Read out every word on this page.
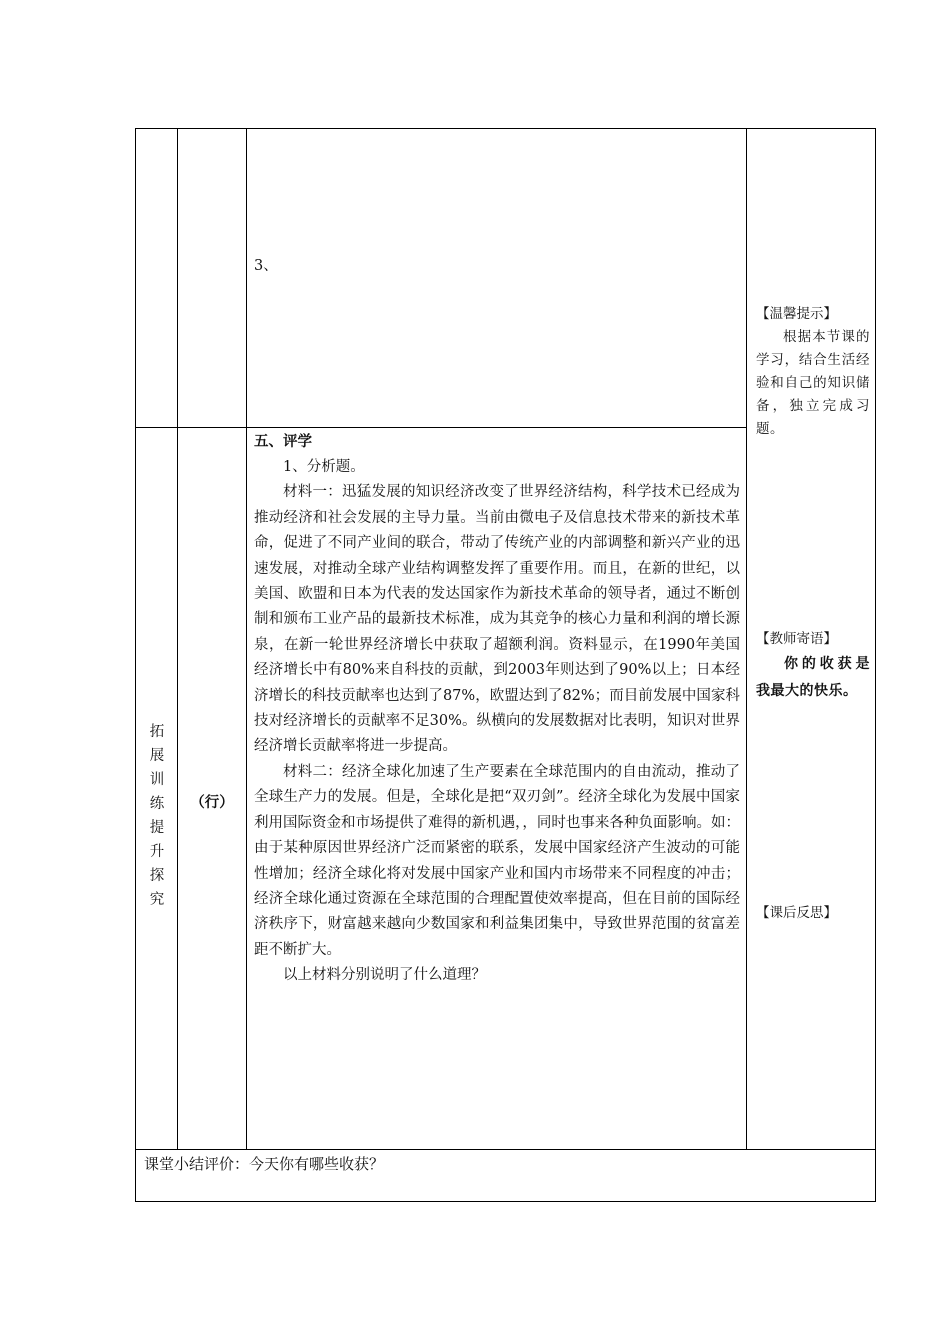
3、
拓
展
训
练
提
升
探
究
（行）
五、评学

1、分析题。

材料一：迅猛发展的知识经济改变了世界经济结构，科学技术已经成为推动经济和社会发展的主导力量。当前由微电子及信息技术带来的新技术革命，促进了不同产业间的联合，带动了传统产业的内部调整和新兴产业的迅速发展，对推动全球产业结构调整发挥了重要作用。而且，在新的世纪，以美国、欧盟和日本为代表的发达国家作为新技术革命的领导者，通过不断创制和颁布工业产品的最新技术标准，成为其竞争的核心力量和利润的增长源泉，在新一轮世界经济增长中获取了超额利润。资料显示，在1990年美国经济增长中有80%来自科技的贡献，到2003年则达到了90%以上；日本经济增长的科技贡献率也达到了87%，欧盟达到了82%；而目前发展中国家科技对经济增长的贡献率不足30%。纵横向的发展数据对比表明，知识对世界经济增长贡献率将进一步提高。

材料二：经济全球化加速了生产要素在全球范围内的自由流动，推动了全球生产力的发展。但是，全球化是把“双刃剑”。经济全球化为发展中国家利用国际资金和市场提供了难得的新机遇，，同时也事来各种负面影响。如：由于某种原因世界经济广泛而紧密的联系，发展中国家经济产生波动的可能性增加；经济全球化将对发展中国家产业和国内市场带来不同程度的冲击；经济全球化通过资源在全球范围的合理配置使效率提高，但在目前的国际经济秩序下，财富越来越向少数国家和利益集团集中，导致世界范围的贫富差距不断扩大。

以上材料分别说明了什么道理？

【温馨提示】
根据本节课的学习，结合生活经验和自己的知识储备，独立完成习题。
【教师寄语】
你的收获是我最大的快乐。
【课后反思】
课堂小结评价：今天你有哪些收获？
